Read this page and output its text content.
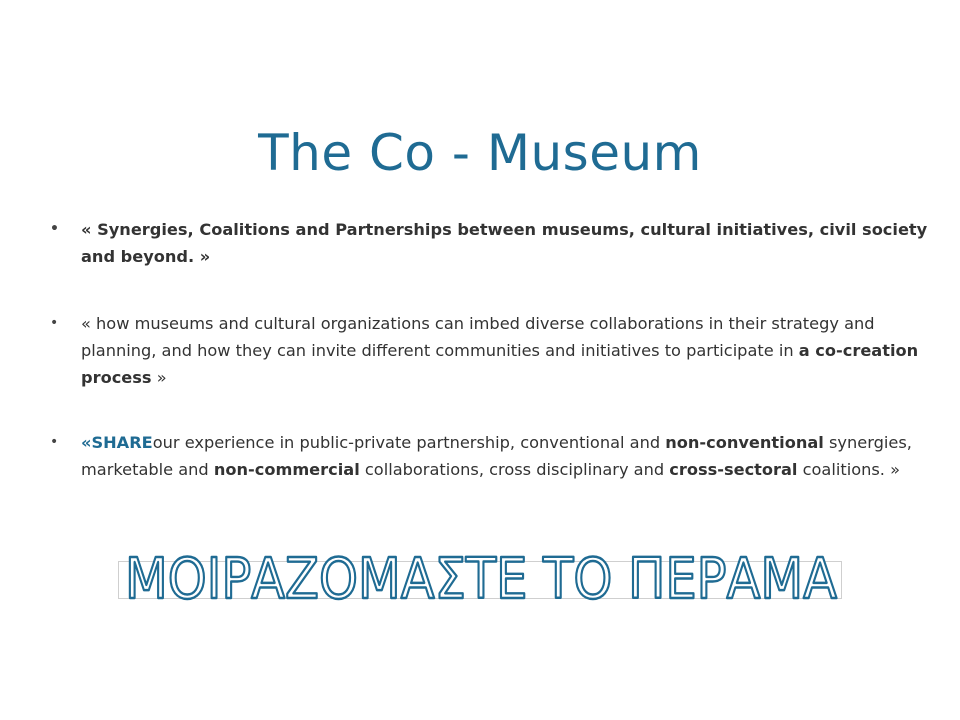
The Co - Museum
• « Synergies, Coalitions and Partnerships between museums, cultural initiatives, civil society and beyond. »
• « how museums and cultural organizations can imbed diverse collaborations in their strategy and planning, and how they can invite different communities and initiatives to participate in a co-creation process »
• «SHAREour experience in public-private partnership, conventional and non-conventional synergies, marketable and non-commercial collaborations, cross disciplinary and cross-sectoral coalitions. »
ΜΟΙΡΑΖΟΜΑΣΤΕ ΤΟ ΠΕΡΑΜΑ
